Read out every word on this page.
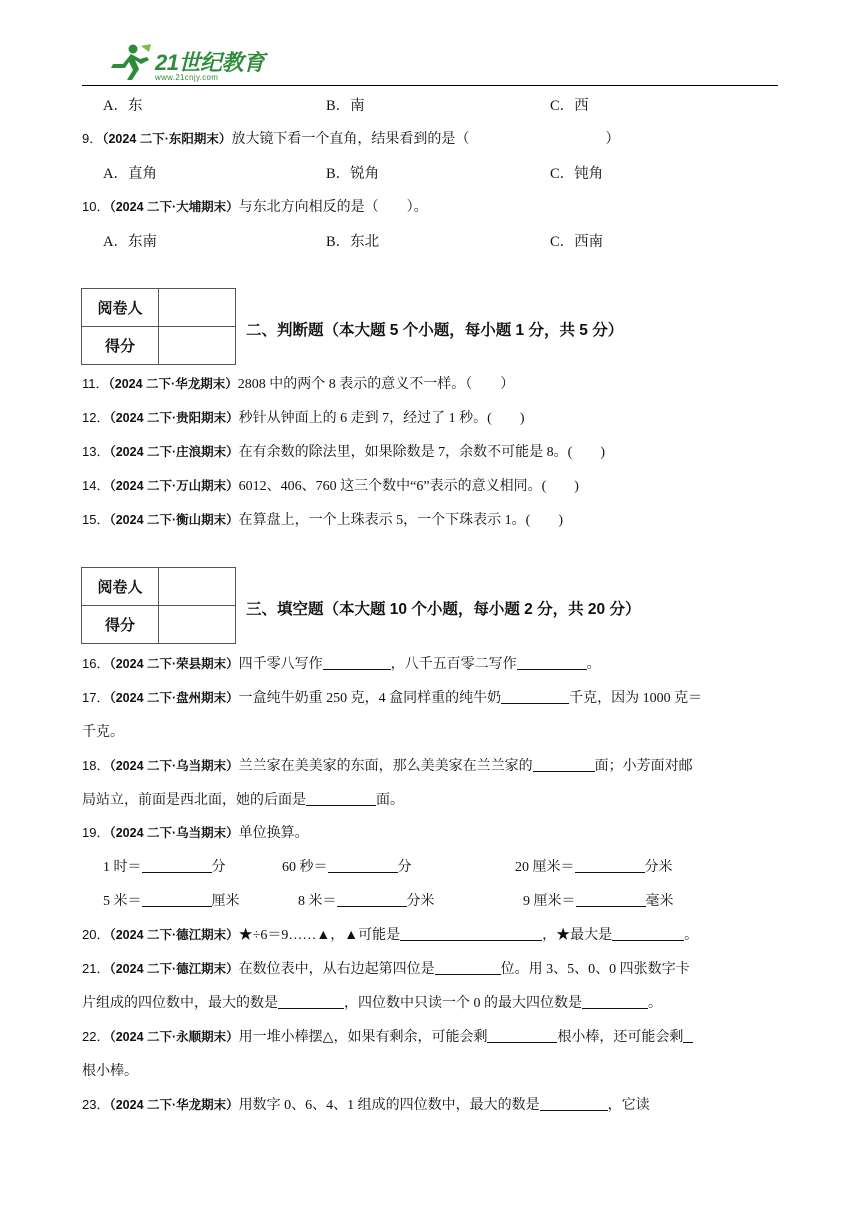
21世纪教育
www.21cnjy.com
A．东	B．南	C．西
9．（2024 二下·东阳期末）放大镜下看一个直角，结果看到的是（	）
A．直角	B．锐角	C．钝角
10．（2024 二下·大埔期末）与东北方向相反的是（　　）。
A．东南	B．东北	C．西南
阅卷人	
得分	
二、判断题（本大题 5 个小题，每小题 1 分，共 5 分）
11．（2024 二下·华龙期末）2808 中的两个 8 表示的意义不一样。（　　）
12．（2024 二下·贵阳期末）秒针从钟面上的 6 走到 7，经过了 1 秒。(　　)
13．（2024 二下·庄浪期末）在有余数的除法里，如果除数是 7，余数不可能是 8。(　　)
14．（2024 二下·万山期末）6012、406、760 这三个数中“6”表示的意义相同。(　　)
15．（2024 二下·衡山期末）在算盘上，一个上珠表示 5，一个下珠表示 1。(　　)
阅卷人	
得分	
三、填空题（本大题 10 个小题，每小题 2 分，共 20 分）
16．（2024 二下·荣县期末）四千零八写作	，八千五百零二写作	。
17．（2024 二下·盘州期末）一盒纯牛奶重 250 克，4 盒同样重的纯牛奶	千克，因为 1000 克＝
千克。
18．（2024 二下·乌当期末）兰兰家在美美家的东面，那么美美家在兰兰家的	面；小芳面对邮
局站立，前面是西北面，她的后面是	面。
19．（2024 二下·乌当期末）单位换算。
1 时＝	分	60 秒＝	分	20 厘米＝	分米
5 米＝	厘米	8 米＝	分米	9 厘米＝	毫米
20．（2024 二下·德江期末）★÷6＝9……▲，▲可能是	，★最大是	。
21．（2024 二下·德江期末）在数位表中，从右边起第四位是	位。用 3、5、0、0 四张数字卡
片组成的四位数中，最大的数是	，四位数中只读一个 0 的最大四位数是	。
22．（2024 二下·永顺期末）用一堆小棒摆△，如果有剩余，可能会剩	根小棒，还可能会剩
根小棒。
23．（2024 二下·华龙期末）用数字 0、6、4、1 组成的四位数中，最大的数是	，它读
